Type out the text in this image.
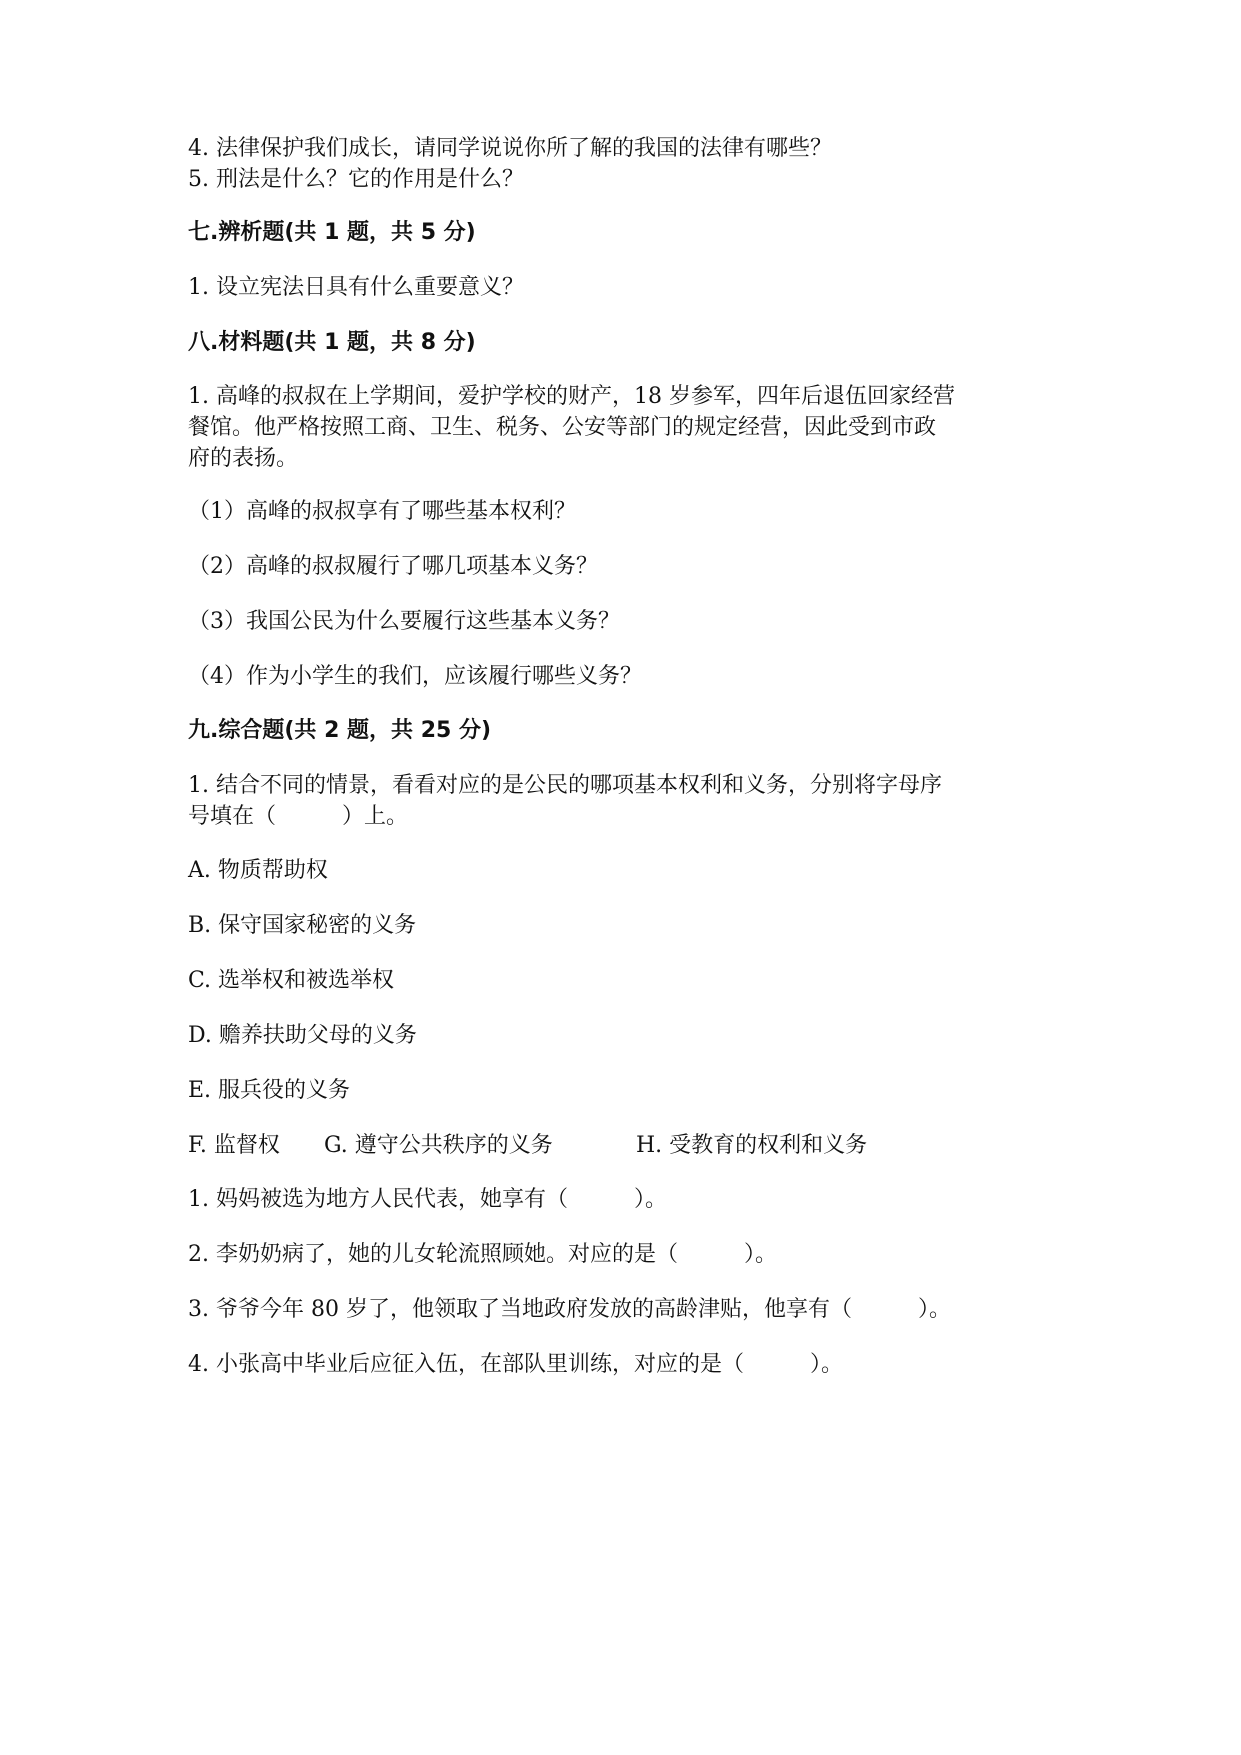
4. 法律保护我们成长，请同学说说你所了解的我国的法律有哪些？
5. 刑法是什么？它的作用是什么？
七.辨析题(共 1 题，共 5 分)
1. 设立宪法日具有什么重要意义？
八.材料题(共 1 题，共 8 分)
1. 高峰的叔叔在上学期间，爱护学校的财产，18 岁参军，四年后退伍回家经营
餐馆。他严格按照工商、卫生、税务、公安等部门的规定经营，因此受到市政
府的表扬。
（1）高峰的叔叔享有了哪些基本权利？
（2）高峰的叔叔履行了哪几项基本义务？
（3）我国公民为什么要履行这些基本义务？
（4）作为小学生的我们，应该履行哪些义务？
九.综合题(共 2 题，共 25 分)
1. 结合不同的情景，看看对应的是公民的哪项基本权利和义务，分别将字母序
号填在（　　　）上。
A. 物质帮助权
B. 保守国家秘密的义务
C. 选举权和被选举权
D. 赡养扶助父母的义务
E. 服兵役的义务
F. 监督权 G. 遵守公共秩序的义务	H. 受教育的权利和义务
1. 妈妈被选为地方人民代表，她享有（　　　）。
2. 李奶奶病了，她的儿女轮流照顾她。对应的是（　　　）。
3. 爷爷今年 80 岁了，他领取了当地政府发放的高龄津贴，他享有（　　　）。
4. 小张高中毕业后应征入伍，在部队里训练，对应的是（　　　）。
